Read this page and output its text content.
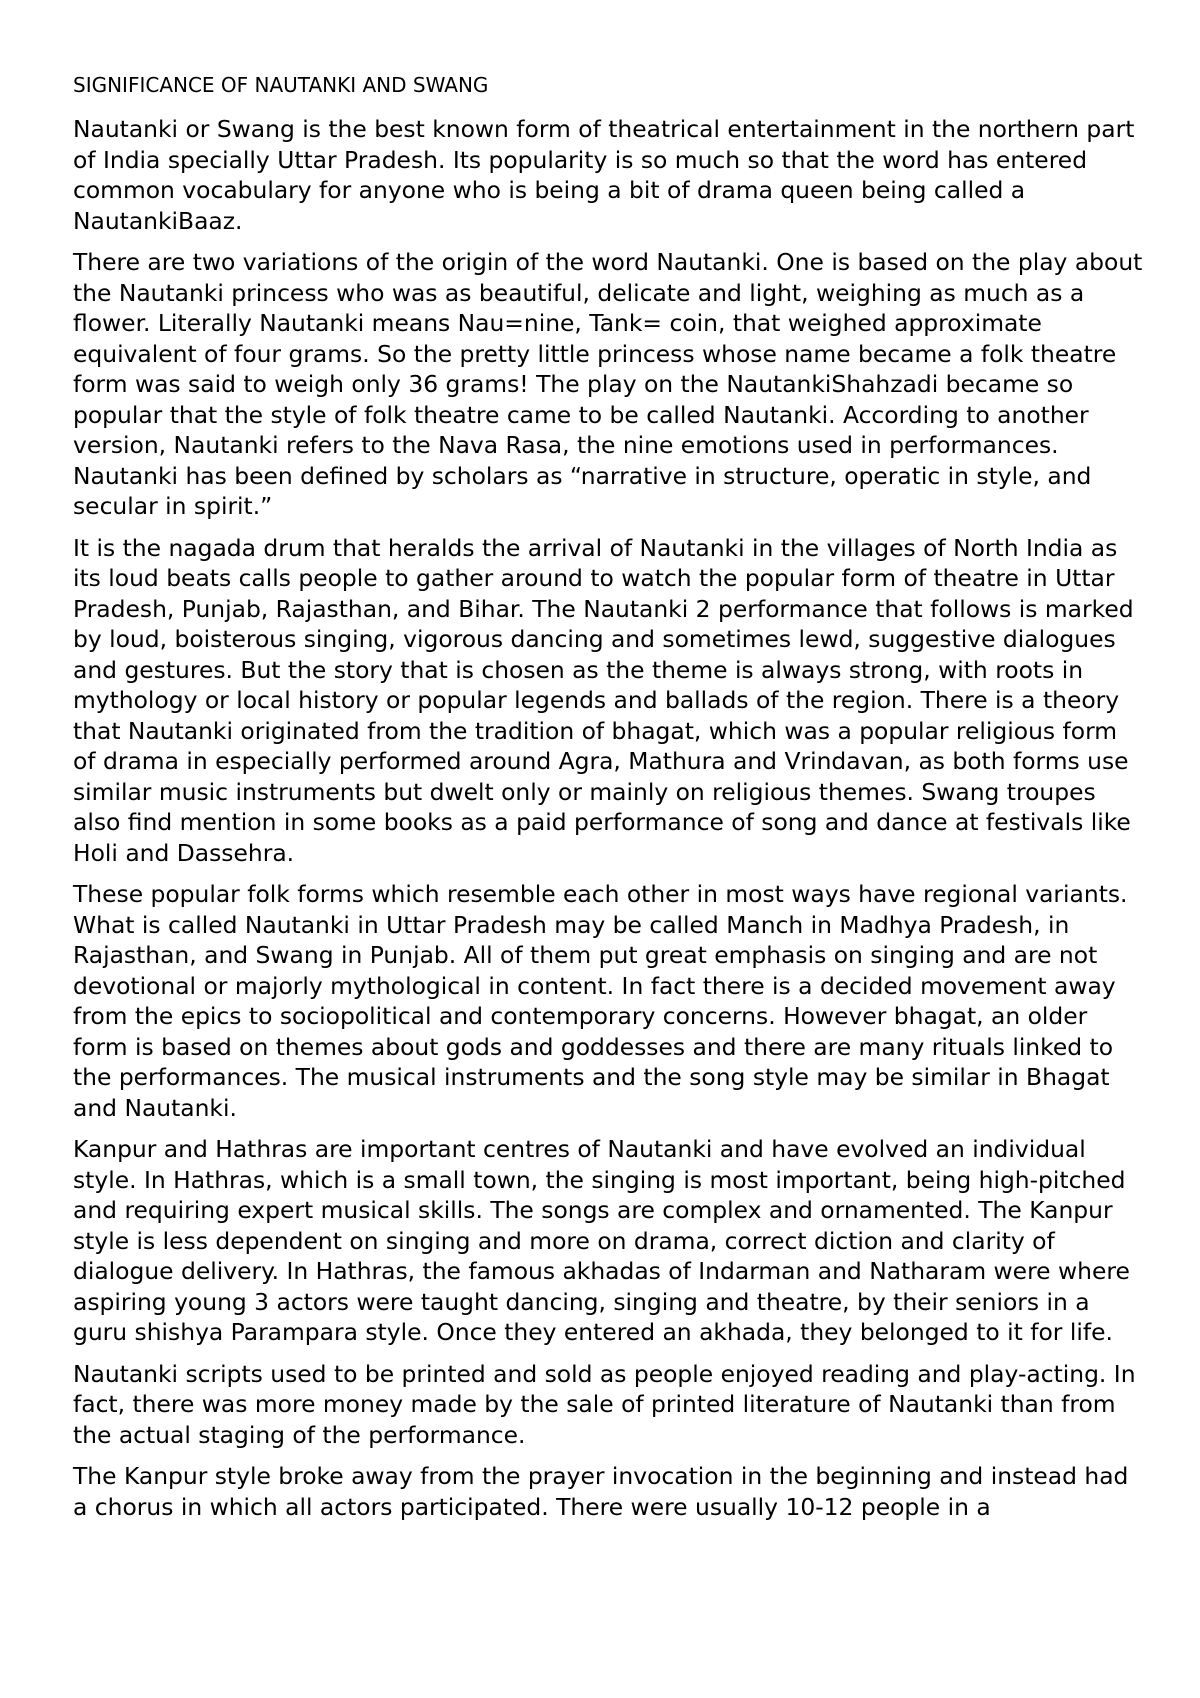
SIGNIFICANCE OF NAUTANKI AND SWANG

Nautanki or Swang is the best known form of theatrical entertainment in the northern part of India specially Uttar Pradesh. Its popularity is so much so that the word has entered common vocabulary for anyone who is being a bit of drama queen being called a NautankiBaaz.

There are two variations of the origin of the word Nautanki. One is based on the play about the Nautanki princess who was as beautiful, delicate and light, weighing as much as a flower. Literally Nautanki means Nau=nine, Tank= coin, that weighed approximate equivalent of four grams. So the pretty little princess whose name became a folk theatre form was said to weigh only 36 grams! The play on the NautankiShahzadi became so popular that the style of folk theatre came to be called Nautanki. According to another version, Nautanki refers to the Nava Rasa, the nine emotions used in performances. Nautanki has been defined by scholars as “narrative in structure, operatic in style, and secular in spirit.”

It is the nagada drum that heralds the arrival of Nautanki in the villages of North India as its loud beats calls people to gather around to watch the popular form of theatre in Uttar Pradesh, Punjab, Rajasthan, and Bihar. The Nautanki 2 performance that follows is marked by loud, boisterous singing, vigorous dancing and sometimes lewd, suggestive dialogues and gestures. But the story that is chosen as the theme is always strong, with roots in mythology or local history or popular legends and ballads of the region. There is a theory that Nautanki originated from the tradition of bhagat, which was a popular religious form of drama in especially performed around Agra, Mathura and Vrindavan, as both forms use similar music instruments but dwelt only or mainly on religious themes. Swang troupes also find mention in some books as a paid performance of song and dance at festivals like Holi and Dassehra.

These popular folk forms which resemble each other in most ways have regional variants. What is called Nautanki in Uttar Pradesh may be called Manch in Madhya Pradesh, in Rajasthan, and Swang in Punjab. All of them put great emphasis on singing and are not devotional or majorly mythological in content. In fact there is a decided movement away from the epics to sociopolitical and contemporary concerns. However bhagat, an older form is based on themes about gods and goddesses and there are many rituals linked to the performances. The musical instruments and the song style may be similar in Bhagat and Nautanki.

Kanpur and Hathras are important centres of Nautanki and have evolved an individual style. In Hathras, which is a small town, the singing is most important, being high-pitched and requiring expert musical skills. The songs are complex and ornamented. The Kanpur style is less dependent on singing and more on drama, correct diction and clarity of dialogue delivery. In Hathras, the famous akhadas of Indarman and Natharam were where aspiring young 3 actors were taught dancing, singing and theatre, by their seniors in a guru shishya Parampara style. Once they entered an akhada, they belonged to it for life.

Nautanki scripts used to be printed and sold as people enjoyed reading and play-acting. In fact, there was more money made by the sale of printed literature of Nautanki than from the actual staging of the performance.

The Kanpur style broke away from the prayer invocation in the beginning and instead had a chorus in which all actors participated. There were usually 10-12 people in a
